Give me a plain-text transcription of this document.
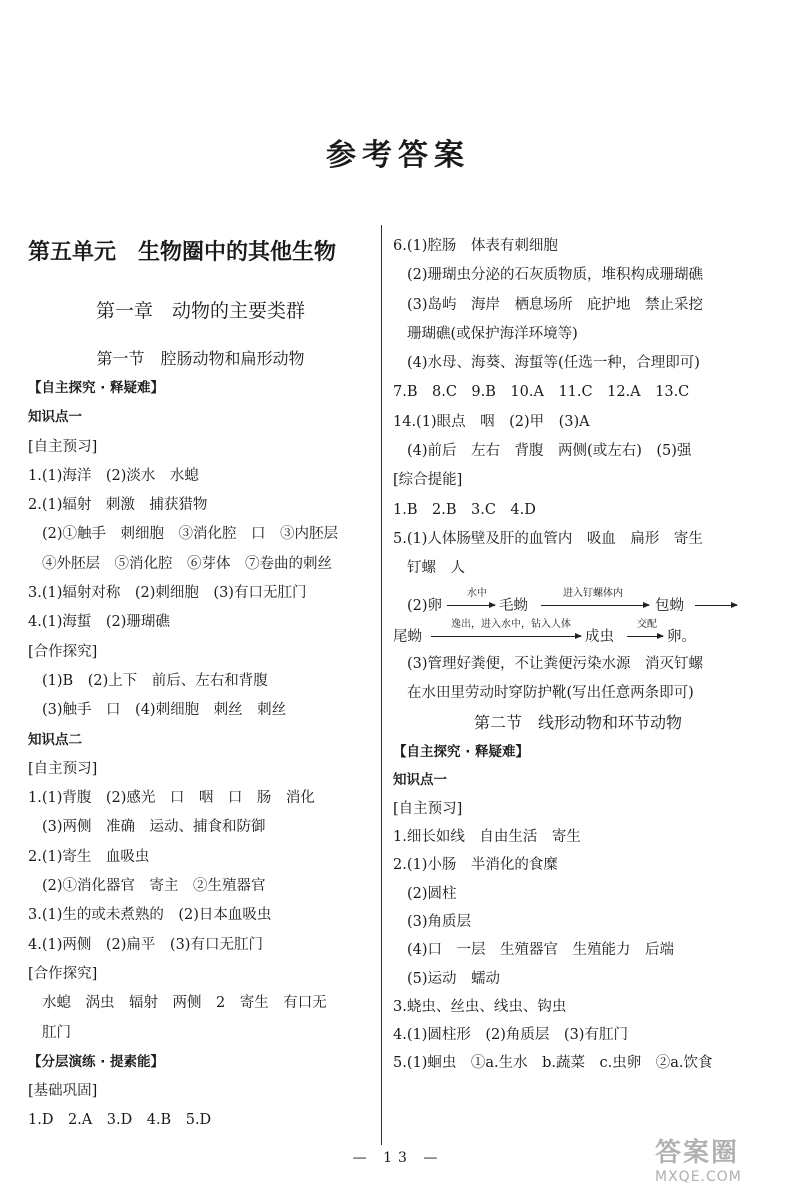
参考答案
第五单元　生物圈中的其他生物
第一章　动物的主要类群
第一节　腔肠动物和扁形动物
【自主探究 · 释疑难】
知识点一
[自主预习]
1.(1)海洋　(2)淡水　水螅
2.(1)辐射　刺激　捕获猎物
(2)①触手　刺细胞　③消化腔　口　③内胚层
④外胚层　⑤消化腔　⑥芽体　⑦卷曲的刺丝
3.(1)辐射对称　(2)刺细胞　(3)有口无肛门
4.(1)海蜇　(2)珊瑚礁
[合作探究]
(1)B　(2)上下　前后、左右和背腹
(3)触手　口　(4)刺细胞　刺丝　刺丝
知识点二
[自主预习]
1.(1)背腹　(2)感光　口　咽　口　肠　消化
(3)两侧　准确　运动、捕食和防御
2.(1)寄生　血吸虫
(2)①消化器官　寄主　②生殖器官
3.(1)生的或未煮熟的　(2)日本血吸虫
4.(1)两侧　(2)扁平　(3)有口无肛门
[合作探究]
水螅　涡虫　辐射　两侧　2　寄生　有口无
肛门
【分层演练 · 提素能】
[基础巩固]
1.D　2.A　3.D　4.B　5.D
6.(1)腔肠　体表有刺细胞
(2)珊瑚虫分泌的石灰质物质，堆积构成珊瑚礁
(3)岛屿　海岸　栖息场所　庇护地　禁止采挖
珊瑚礁(或保护海洋环境等)
(4)水母、海葵、海蜇等(任选一种，合理即可)
7.B　8.C　9.B　10.A　11.C　12.A　13.C
14.(1)眼点　咽　(2)甲　(3)A
(4)前后　左右　背腹　两侧(或左右)　(5)强
[综合提能]
1.B　2.B　3.C　4.D
5.(1)人体肠壁及肝的血管内　吸血　扁形　寄生
钉螺　人
(2)卵
水中
毛蚴
进入钉螺体内
包蚴
尾蚴
逸出，进入水中，钻入人体
成虫
交配
卵。
(3)管理好粪便，不让粪便污染水源　消灭钉螺
在水田里劳动时穿防护靴(写出任意两条即可)
第二节　线形动物和环节动物
【自主探究 · 释疑难】
知识点一
[自主预习]
1.细长如线　自由生活　寄生
2.(1)小肠　半消化的食糜
(2)圆柱
(3)角质层
(4)口　一层　生殖器官　生殖能力　后端
(5)运动　蠕动
3.蛲虫、丝虫、线虫、钩虫
4.(1)圆柱形　(2)角质层　(3)有肛门
5.(1)蛔虫　①a.生水　b.蔬菜　c.虫卵　②a.饮食
— 13 —	答案圈
MXQE.COM
